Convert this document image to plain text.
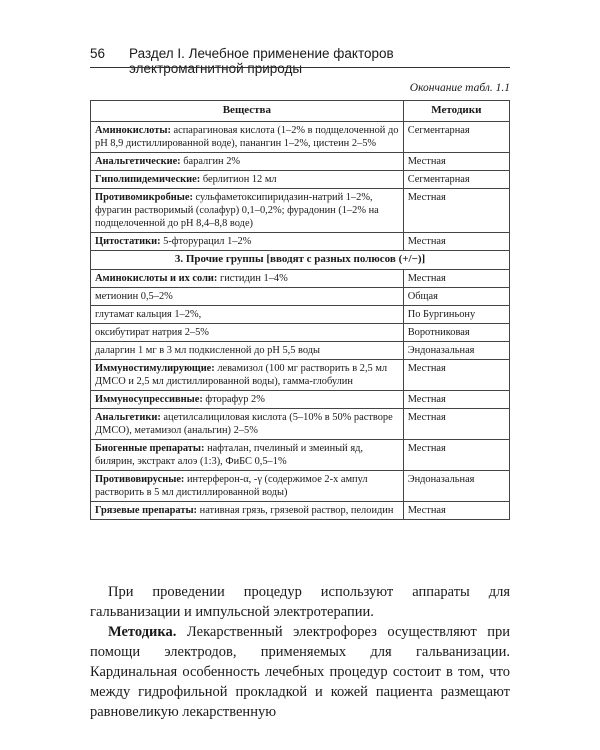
56 Раздел I. Лечебное применение факторов электромагнитной природы
Окончание табл. 1.1
Вещества	Методики
Аминокислоты: аспарагиновая кислота (1–2% в подщелоченной до рН 8,9 дистиллированной воде), панангин 1–2%, цистеин 2–5%	Сегментарная
Анальгетические: баралгин 2%	Местная
Гиполипидемические: берлитион 12 мл	Сегментарная
Противомикробные: сульфаметоксипиридазин-натрий 1–2%, фурагин растворимый (солафур) 0,1–0,2%; фурадонин (1–2% на подщелоченной до рН 8,4–8,8 воде)	Местная
Цитостатики: 5-фторурацил 1–2%	Местная
3. Прочие группы [вводят с разных полюсов (+/−)]	
Аминокислоты и их соли: гистидин 1–4%	Местная
метионин 0,5–2%	Общая
глутамат кальция 1–2%,	По Бургиньону
оксибутират натрия 2–5%	Воротниковая
даларгин 1 мг в 3 мл подкисленной до рН 5,5 воды	Эндоназальная
Иммуностимулирующие: левамизол (100 мг растворить в 2,5 мл ДМСО и 2,5 мл дистиллированной воды), гамма-глобулин	Местная
Иммуносупрессивные: фторафур 2%	Местная
Анальгетики: ацетилсалициловая кислота (5–10% в 50% растворе ДМСО), метамизол (анальгин) 2–5%	Местная
Биогенные препараты: нафталан, пчелиный и змеиный яд, билярин, экстракт алоэ (1:3), ФиБС 0,5–1%	Местная
Противовирусные: интерферон-α, -γ (содержимое 2-х ампул растворить в 5 мл дистиллированной воды)	Эндоназальная
Грязевые препараты: нативная грязь, грязевой раствор, пелоидин	Местная

При проведении процедур используют аппараты для гальванизации и импульсной электротерапии.

Методика. Лекарственный электрофорез осуществляют при помощи электродов, применяемых для гальванизации. Кардинальная особенность лечебных процедур состоит в том, что между гидрофильной прокладкой и кожей пациента размещают равновеликую лекарственную
